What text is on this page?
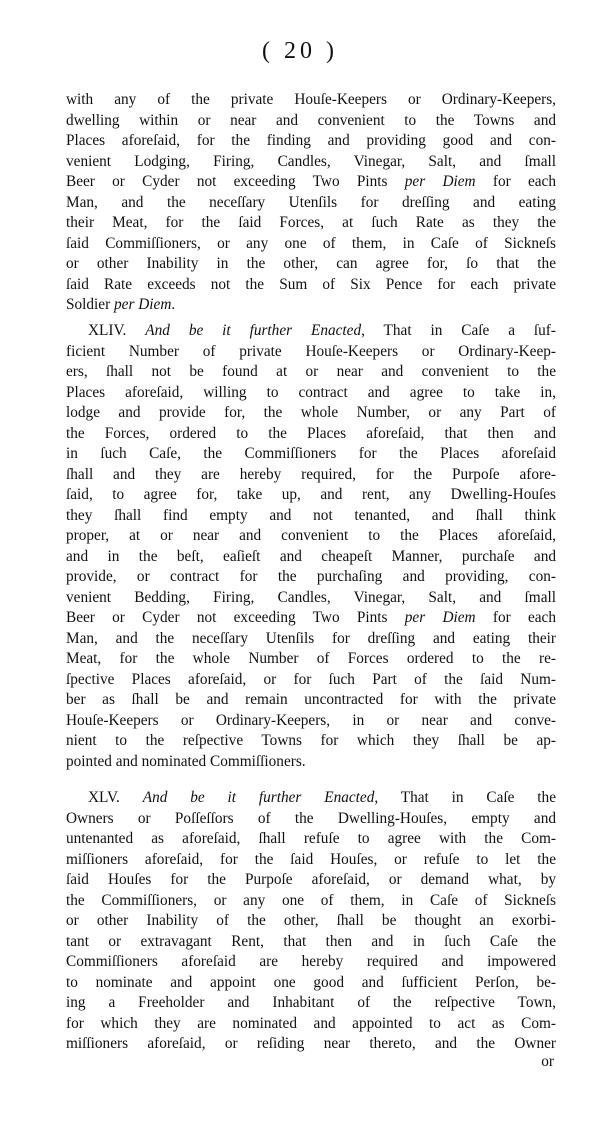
( 20 )
with any of the private Houſe-Keepers or Ordinary-Keepers,
dwelling within or near and convenient to the Towns and
Places aforeſaid, for the finding and providing good and con-
venient Lodging, Firing, Candles, Vinegar, Salt, and ſmall
Beer or Cyder not exceeding Two Pints per Diem for each
Man, and the neceſſary Utenſils for dreſſing and eating
their Meat, for the ſaid Forces, at ſuch Rate as they the
ſaid Commiſſioners, or any one of them, in Caſe of Sickneſs
or other Inability in the other, can agree for, ſo that the
ſaid Rate exceeds not the Sum of Six Pence for each private
Soldier per Diem.
XLIV. And be it further Enacted, That in Caſe a ſuf-
ficient Number of private Houſe-Keepers or Ordinary-Keep-
ers, ſhall not be found at or near and convenient to the
Places aforeſaid, willing to contract and agree to take in,
lodge and provide for, the whole Number, or any Part of
the Forces, ordered to the Places aforeſaid, that then and
in ſuch Caſe, the Commiſſioners for the Places aforeſaid
ſhall and they are hereby required, for the Purpoſe afore-
ſaid, to agree for, take up, and rent, any Dwelling-Houſes
they ſhall find empty and not tenanted, and ſhall think
proper, at or near and convenient to the Places aforeſaid,
and in the beſt, eaſieſt and cheapeſt Manner, purchaſe and
provide, or contract for the purchaſing and providing, con-
venient Bedding, Firing, Candles, Vinegar, Salt, and ſmall
Beer or Cyder not exceeding Two Pints per Diem for each
Man, and the neceſſary Utenſils for dreſſing and eating their
Meat, for the whole Number of Forces ordered to the re-
ſpective Places aforeſaid, or for ſuch Part of the ſaid Num-
ber as ſhall be and remain uncontracted for with the private
Houſe-Keepers or Ordinary-Keepers, in or near and conve-
nient to the reſpective Towns for which they ſhall be ap-
pointed and nominated Commiſſioners.
XLV. And be it further Enacted, That in Caſe the
Owners or Poſſeſſors of the Dwelling-Houſes, empty and
untenanted as aforeſaid, ſhall refuſe to agree with the Com-
miſſioners aforeſaid, for the ſaid Houſes, or refuſe to let the
ſaid Houſes for the Purpoſe aforeſaid, or demand what, by
the Commiſſioners, or any one of them, in Caſe of Sickneſs
or other Inability of the other, ſhall be thought an exorbi-
tant or extravagant Rent, that then and in ſuch Caſe the
Commiſſioners aforeſaid are hereby required and impowered
to nominate and appoint one good and ſufficient Perſon, be-
ing a Freeholder and Inhabitant of the reſpective Town,
for which they are nominated and appointed to act as Com-
miſſioners aforeſaid, or reſiding near thereto, and the Owner
or
